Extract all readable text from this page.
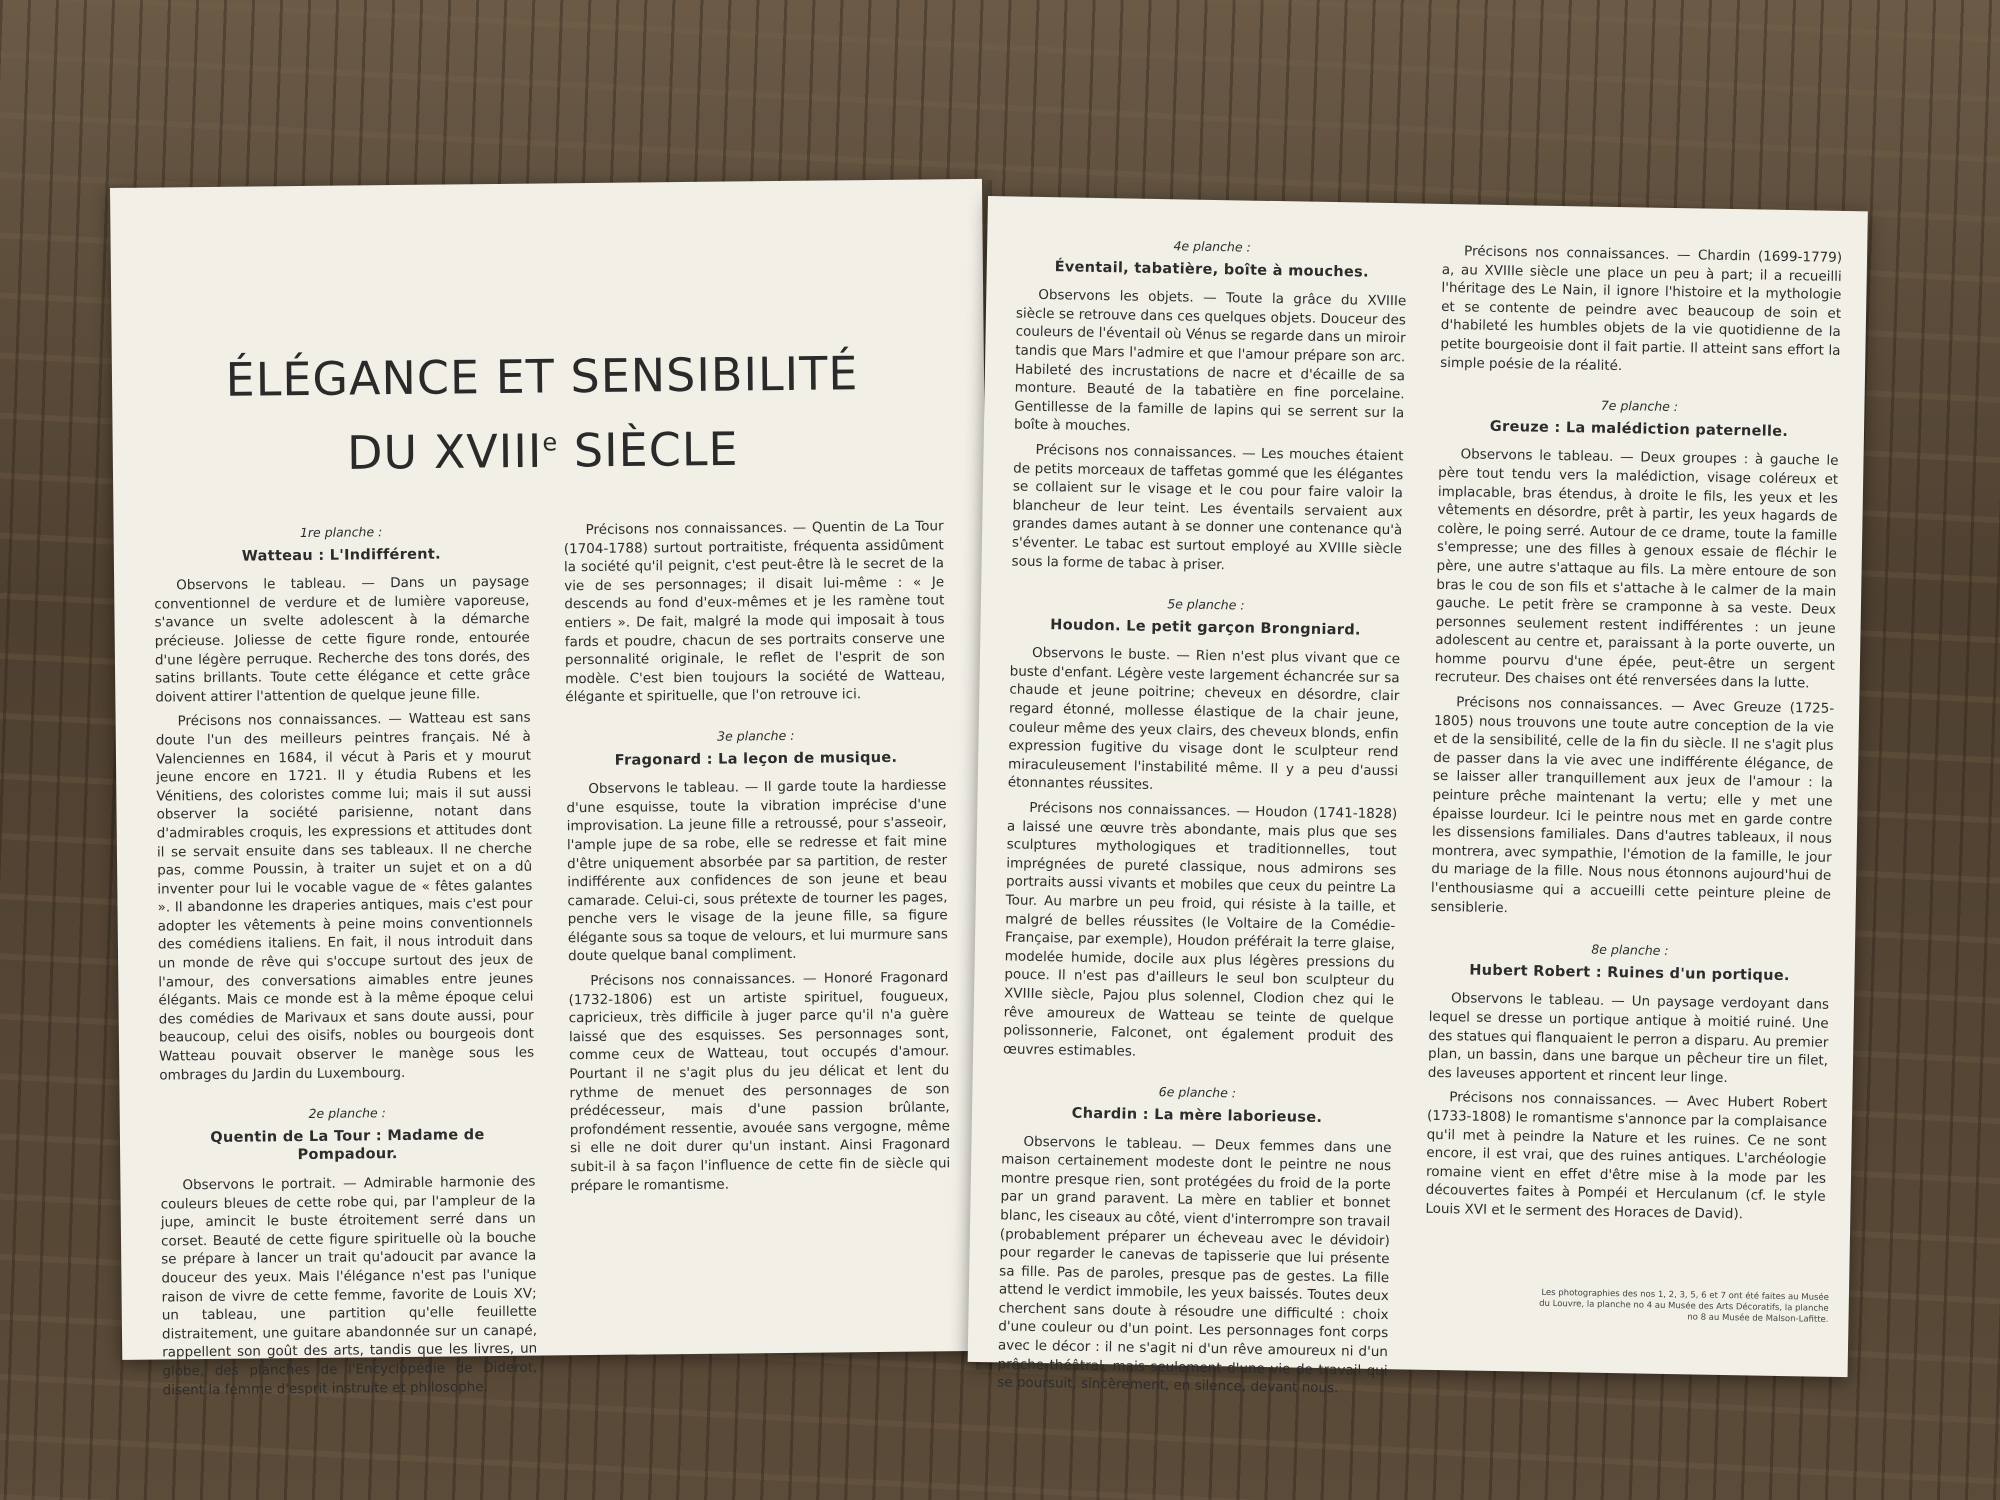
ÉLÉGANCE ET SENSIBILITÉ
DU XVIIIe SIÈCLE
1re planche :
Watteau : L'Indifférent.

Observons le tableau. — Dans un paysage conventionnel de verdure et de lumière vaporeuse, s'avance un svelte adolescent à la démarche précieuse. Joliesse de cette figure ronde, entourée d'une légère perruque. Recherche des tons dorés, des satins brillants. Toute cette élégance et cette grâce doivent attirer l'attention de quelque jeune fille.

Précisons nos connaissances. — Watteau est sans doute l'un des meilleurs peintres français. Né à Valenciennes en 1684, il vécut à Paris et y mourut jeune encore en 1721. Il y étudia Rubens et les Vénitiens, des coloristes comme lui; mais il sut aussi observer la société parisienne, notant dans d'admirables croquis, les expressions et attitudes dont il se servait ensuite dans ses tableaux. Il ne cherche pas, comme Poussin, à traiter un sujet et on a dû inventer pour lui le vocable vague de « fêtes galantes ». Il abandonne les draperies antiques, mais c'est pour adopter les vêtements à peine moins conventionnels des comédiens italiens. En fait, il nous introduit dans un monde de rêve qui s'occupe surtout des jeux de l'amour, des conversations aimables entre jeunes élégants. Mais ce monde est à la même époque celui des comédies de Marivaux et sans doute aussi, pour beaucoup, celui des oisifs, nobles ou bourgeois dont Watteau pouvait observer le manège sous les ombrages du Jardin du Luxembourg.

2e planche :
Quentin de La Tour : Madame de Pompadour.

Observons le portrait. — Admirable harmonie des couleurs bleues de cette robe qui, par l'ampleur de la jupe, amincit le buste étroitement serré dans un corset. Beauté de cette figure spirituelle où la bouche se prépare à lancer un trait qu'adoucit par avance la douceur des yeux. Mais l'élégance n'est pas l'unique raison de vivre de cette femme, favorite de Louis XV; un tableau, une partition qu'elle feuillette distraitement, une guitare abandonnée sur un canapé, rappellent son goût des arts, tandis que les livres, un globe, des planches de l'Encyclopédie de Diderot, disent la femme d'esprit instruite et philosophe.

Précisons nos connaissances. — Quentin de La Tour (1704-1788) surtout portraitiste, fréquenta assidûment la société qu'il peignit, c'est peut-être là le secret de la vie de ses personnages; il disait lui-même : « Je descends au fond d'eux-mêmes et je les ramène tout entiers ». De fait, malgré la mode qui imposait à tous fards et poudre, chacun de ses portraits conserve une personnalité originale, le reflet de l'esprit de son modèle. C'est bien toujours la société de Watteau, élégante et spirituelle, que l'on retrouve ici.

3e planche :
Fragonard : La leçon de musique.

Observons le tableau. — Il garde toute la hardiesse d'une esquisse, toute la vibration imprécise d'une improvisation. La jeune fille a retroussé, pour s'asseoir, l'ample jupe de sa robe, elle se redresse et fait mine d'être uniquement absorbée par sa partition, de rester indifférente aux confidences de son jeune et beau camarade. Celui-ci, sous prétexte de tourner les pages, penche vers le visage de la jeune fille, sa figure élégante sous sa toque de velours, et lui murmure sans doute quelque banal compliment.

Précisons nos connaissances. — Honoré Fragonard (1732-1806) est un artiste spirituel, fougueux, capricieux, très difficile à juger parce qu'il n'a guère laissé que des esquisses. Ses personnages sont, comme ceux de Watteau, tout occupés d'amour. Pourtant il ne s'agit plus du jeu délicat et lent du rythme de menuet des personnages de son prédécesseur, mais d'une passion brûlante, profondément ressentie, avouée sans vergogne, même si elle ne doit durer qu'un instant. Ainsi Fragonard subit-il à sa façon l'influence de cette fin de siècle qui prépare le romantisme.

4e planche :
Éventail, tabatière, boîte à mouches.

Observons les objets. — Toute la grâce du XVIIIe siècle se retrouve dans ces quelques objets. Douceur des couleurs de l'éventail où Vénus se regarde dans un miroir tandis que Mars l'admire et que l'amour prépare son arc. Habileté des incrustations de nacre et d'écaille de sa monture. Beauté de la tabatière en fine porcelaine. Gentillesse de la famille de lapins qui se serrent sur la boîte à mouches.

Précisons nos connaissances. — Les mouches étaient de petits morceaux de taffetas gommé que les élégantes se collaient sur le visage et le cou pour faire valoir la blancheur de leur teint. Les éventails servaient aux grandes dames autant à se donner une contenance qu'à s'éventer. Le tabac est surtout employé au XVIIIe siècle sous la forme de tabac à priser.

5e planche :
Houdon. Le petit garçon Brongniard.

Observons le buste. — Rien n'est plus vivant que ce buste d'enfant. Légère veste largement échancrée sur sa chaude et jeune poitrine; cheveux en désordre, clair regard étonné, mollesse élastique de la chair jeune, couleur même des yeux clairs, des cheveux blonds, enfin expression fugitive du visage dont le sculpteur rend miraculeusement l'instabilité même. Il y a peu d'aussi étonnantes réussites.

Précisons nos connaissances. — Houdon (1741-1828) a laissé une œuvre très abondante, mais plus que ses sculptures mythologiques et traditionnelles, tout imprégnées de pureté classique, nous admirons ses portraits aussi vivants et mobiles que ceux du peintre La Tour. Au marbre un peu froid, qui résiste à la taille, et malgré de belles réussites (le Voltaire de la Comédie-Française, par exemple), Houdon préférait la terre glaise, modelée humide, docile aux plus légères pressions du pouce. Il n'est pas d'ailleurs le seul bon sculpteur du XVIIIe siècle, Pajou plus solennel, Clodion chez qui le rêve amoureux de Watteau se teinte de quelque polissonnerie, Falconet, ont également produit des œuvres estimables.

6e planche :
Chardin : La mère laborieuse.

Observons le tableau. — Deux femmes dans une maison certainement modeste dont le peintre ne nous montre presque rien, sont protégées du froid de la porte par un grand paravent. La mère en tablier et bonnet blanc, les ciseaux au côté, vient d'interrompre son travail (probablement préparer un écheveau avec le dévidoir) pour regarder le canevas de tapisserie que lui présente sa fille. Pas de paroles, presque pas de gestes. La fille attend le verdict immobile, les yeux baissés. Toutes deux cherchent sans doute à résoudre une difficulté : choix d'une couleur ou d'un point. Les personnages font corps avec le décor : il ne s'agit ni d'un rêve amoureux ni d'un prêche théâtral, mais seulement d'une vie de travail qui se poursuit, sincèrement, en silence, devant nous.

Précisons nos connaissances. — Chardin (1699-1779) a, au XVIIIe siècle une place un peu à part; il a recueilli l'héritage des Le Nain, il ignore l'histoire et la mythologie et se contente de peindre avec beaucoup de soin et d'habileté les humbles objets de la vie quotidienne de la petite bourgeoisie dont il fait partie. Il atteint sans effort la simple poésie de la réalité.

7e planche :
Greuze : La malédiction paternelle.

Observons le tableau. — Deux groupes : à gauche le père tout tendu vers la malédiction, visage coléreux et implacable, bras étendus, à droite le fils, les yeux et les vêtements en désordre, prêt à partir, les yeux hagards de colère, le poing serré. Autour de ce drame, toute la famille s'empresse; une des filles à genoux essaie de fléchir le père, une autre s'attaque au fils. La mère entoure de son bras le cou de son fils et s'attache à le calmer de la main gauche. Le petit frère se cramponne à sa veste. Deux personnes seulement restent indifférentes : un jeune adolescent au centre et, paraissant à la porte ouverte, un homme pourvu d'une épée, peut-être un sergent recruteur. Des chaises ont été renversées dans la lutte.

Précisons nos connaissances. — Avec Greuze (1725-1805) nous trouvons une toute autre conception de la vie et de la sensibilité, celle de la fin du siècle. Il ne s'agit plus de passer dans la vie avec une indifférente élégance, de se laisser aller tranquillement aux jeux de l'amour : la peinture prêche maintenant la vertu; elle y met une épaisse lourdeur. Ici le peintre nous met en garde contre les dissensions familiales. Dans d'autres tableaux, il nous montrera, avec sympathie, l'émotion de la famille, le jour du mariage de la fille. Nous nous étonnons aujourd'hui de l'enthousiasme qui a accueilli cette peinture pleine de sensiblerie.

8e planche :
Hubert Robert : Ruines d'un portique.

Observons le tableau. — Un paysage verdoyant dans lequel se dresse un portique antique à moitié ruiné. Une des statues qui flanquaient le perron a disparu. Au premier plan, un bassin, dans une barque un pêcheur tire un filet, des laveuses apportent et rincent leur linge.

Précisons nos connaissances. — Avec Hubert Robert (1733-1808) le romantisme s'annonce par la complaisance qu'il met à peindre la Nature et les ruines. Ce ne sont encore, il est vrai, que des ruines antiques. L'archéologie romaine vient en effet d'être mise à la mode par les découvertes faites à Pompéi et Herculanum (cf. le style Louis XVI et le serment des Horaces de David).

Les photographies des nos 1, 2, 3, 5, 6 et 7 ont été faites au Musée du Louvre, la planche no 4 au Musée des Arts Décoratifs, la planche no 8 au Musée de Malson-Lafitte.
